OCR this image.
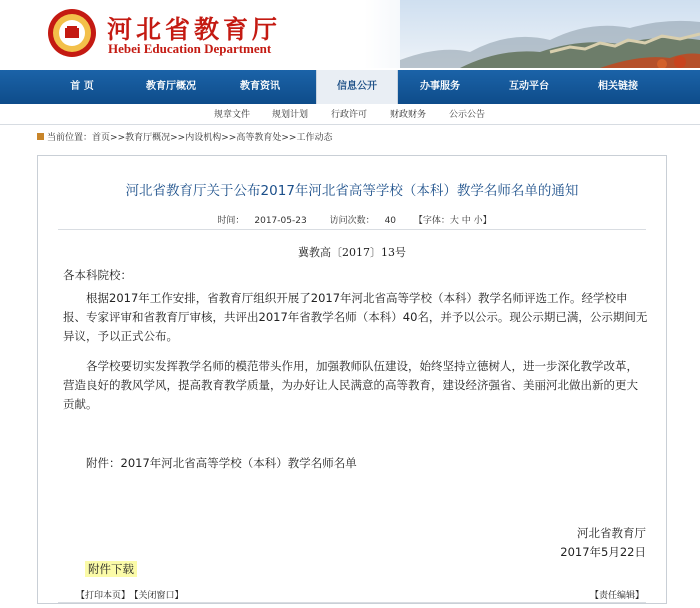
河北省教育厅
Hebei Education Department
首 页	教育厅概况	教育资讯	信息公开	办事服务	互动平台	相关链接
规章文件 规划计划	行政许可	财政财务	公示公告
当前位置：首页>>教育厅概况>>内设机构>>高等教育处>>工作动态
河北省教育厅关于公布2017年河北省高等学校（本科）教学名师名单的通知
时间： 2017-05-23	访问次数： 40 【字体：大 中 小】
冀教高〔2017〕13号
各本科院校：
根据2017年工作安排，省教育厅组织开展了2017年河北省高等学校（本科）教学名师评选工作。经学校申报、专家评审和省教育厅审核，共评出2017年省教学名师（本科）40名，并予以公示。现公示期已满，公示期间无异议，予以正式公布。
各学校要切实发挥教学名师的模范带头作用，加强教师队伍建设，始终坚持立德树人，进一步深化教学改革，营造良好的教风学风，提高教育教学质量，为办好让人民满意的高等教育，建设经济强省、美丽河北做出新的更大贡献。
附件：2017年河北省高等学校（本科）教学名师名单
河北省教育厅
2017年5月22日
附件下载
【打印本页】 【关闭窗口】	【责任编辑】
